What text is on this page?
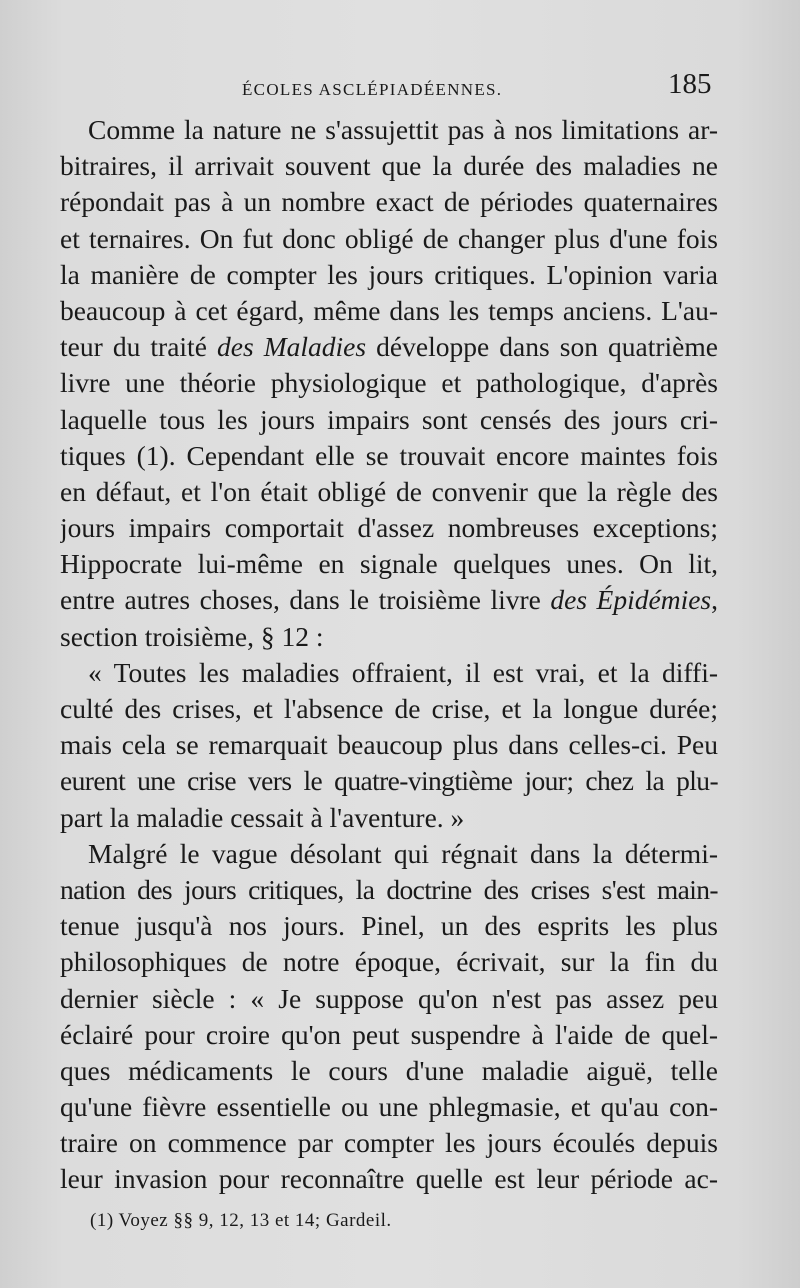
ÉCOLES ASCLÉPIADÉENNES.	185
Comme la nature ne s'assujettit pas à nos limitations ar-
bitraires, il arrivait souvent que la durée des maladies ne
répondait pas à un nombre exact de périodes quaternaires
et ternaires. On fut donc obligé de changer plus d'une fois
la manière de compter les jours critiques. L'opinion varia
beaucoup à cet égard, même dans les temps anciens. L'au-
teur du traité des Maladies développe dans son quatrième
livre une théorie physiologique et pathologique, d'après
laquelle tous les jours impairs sont censés des jours cri-
tiques (1). Cependant elle se trouvait encore maintes fois
en défaut, et l'on était obligé de convenir que la règle des
jours impairs comportait d'assez nombreuses exceptions;
Hippocrate lui-même en signale quelques unes. On lit,
entre autres choses, dans le troisième livre des Épidémies,
section troisième, § 12 :
« Toutes les maladies offraient, il est vrai, et la diffi-
culté des crises, et l'absence de crise, et la longue durée;
mais cela se remarquait beaucoup plus dans celles-ci. Peu
eurent une crise vers le quatre-vingtième jour; chez la plu-
part la maladie cessait à l'aventure. »
Malgré le vague désolant qui régnait dans la détermi-
nation des jours critiques, la doctrine des crises s'est main-
tenue jusqu'à nos jours. Pinel, un des esprits les plus
philosophiques de notre époque, écrivait, sur la fin du
dernier siècle : « Je suppose qu'on n'est pas assez peu
éclairé pour croire qu'on peut suspendre à l'aide de quel-
ques médicaments le cours d'une maladie aiguë, telle
qu'une fièvre essentielle ou une phlegmasie, et qu'au con-
traire on commence par compter les jours écoulés depuis
leur invasion pour reconnaître quelle est leur période ac-
(1) Voyez §§ 9, 12, 13 et 14; Gardeil.
